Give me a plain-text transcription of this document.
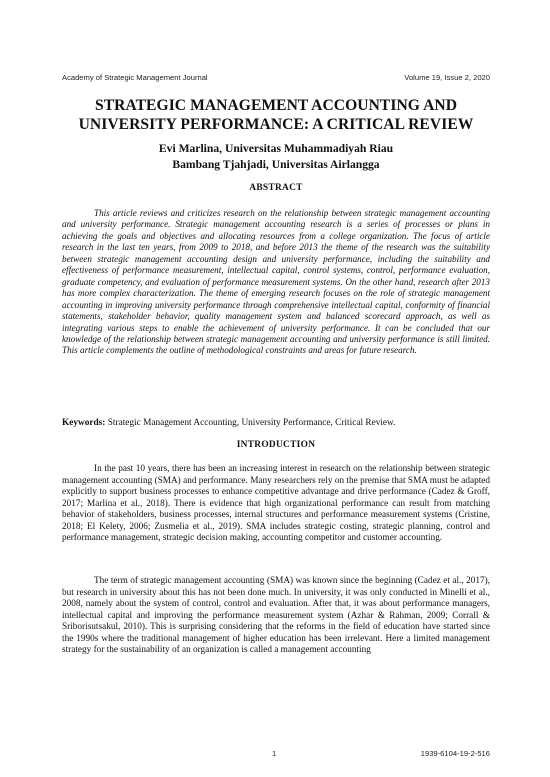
Academy of Strategic Management Journal	Volume 19, Issue 2, 2020
STRATEGIC MANAGEMENT ACCOUNTING AND
UNIVERSITY PERFORMANCE: A CRITICAL REVIEW
Evi Marlina, Universitas Muhammadiyah Riau
Bambang Tjahjadi, Universitas Airlangga
ABSTRACT

This article reviews and criticizes research on the relationship between strategic management accounting and university performance. Strategic management accounting research is a series of processes or plans in achieving the goals and objectives and allocating resources from a college organization. The focus of article research in the last ten years, from 2009 to 2018, and before 2013 the theme of the research was the suitability between strategic management accounting design and university performance, including the suitability and effectiveness of performance measurement, intellectual capital, control systems, control, performance evaluation, graduate competency, and evaluation of performance measurement systems. On the other hand, research after 2013 has more complex characterization. The theme of emerging research focuses on the role of strategic management accounting in improving university performance through comprehensive intellectual capital, conformity of financial statements, stakeholder behavior, quality management system and balanced scorecard approach, as well as integrating various steps to enable the achievement of university performance. It can be concluded that our knowledge of the relationship between strategic management accounting and university performance is still limited. This article complements the outline of methodological constraints and areas for future research.

Keywords: Strategic Management Accounting, University Performance, Critical Review.

INTRODUCTION

In the past 10 years, there has been an increasing interest in research on the relationship between strategic management accounting (SMA) and performance. Many researchers rely on the premise that SMA must be adapted explicitly to support business processes to enhance competitive advantage and drive performance (Cadez & Groff, 2017; Marlina et al., 2018). There is evidence that high organizational performance can result from matching behavior of stakeholders, business processes, internal structures and performance measurement systems (Cristine, 2018; El Kelety, 2006; Zusmelia et al., 2019). SMA includes strategic costing, strategic planning, control and performance management, strategic decision making, accounting competitor and customer accounting.

The term of strategic management accounting (SMA) was known since the beginning (Cadez et al., 2017), but research in university about this has not been done much. In university, it was only conducted in Minelli et al., 2008, namely about the system of control, control and evaluation. After that, it was about performance managers, intellectual capital and improving the performance measurement system (Azhar & Rahman, 2009; Corrall & Sriborisutsakul, 2010). This is surprising considering that the reforms in the field of education have started since the 1990s where the traditional management of higher education has been irrelevant. Here a limited management strategy for the sustainability of an organization is called a management accounting

1	1939-6104-19-2-516
